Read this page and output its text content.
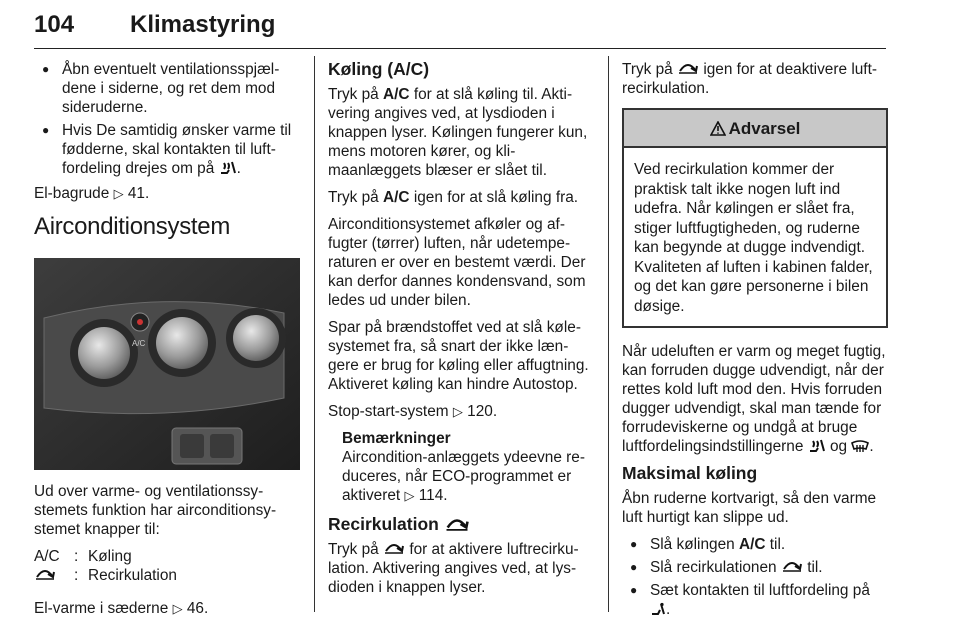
104 Klimastyring
● Åbn eventuelt ventilationsspjældene i siderne, og ret dem mod sideruderne.
● Hvis De samtidig ønsker varme til fødderne, skal kontakten til luftfordeling drejes om på .

El-bagrude ▷ 41.

Airconditionsystem
A/C

Ud over varme- og ventilationssystemets funktion har airconditionsystemet knapper til:

A/C : Køling
: Recirkulation

El-varme i sæderne ▷ 46.

Køling (A/C)

Tryk på A/C for at slå køling til. Aktivering angives ved, at lysdioden i knappen lyser. Kølingen fungerer kun, mens motoren kører, og klimaanlæggets blæser er slået til.

Tryk på A/C igen for at slå køling fra.

Airconditionsystemet afkøler og affugter (tørrer) luften, når udetemperaturen er over en bestemt værdi. Der kan derfor dannes kondensvand, som ledes ud under bilen.

Spar på brændstoffet ved at slå kølesystemet fra, så snart der ikke længere er brug for køling eller affugtning. Aktiveret køling kan hindre Autostop.

Stop-start-system ▷ 120.

Bemærkninger
Aircondition-anlæggets ydeevne reduceres, når ECO-programmet er aktiveret ▷ 114.
Recirkulation

Tryk på for at aktivere luftrecirkulation. Aktivering angives ved, at lysdioden i knappen lyser.

Tryk på igen for at deaktivere luftrecirkulation.

Advarsel
Ved recirkulation kommer der praktisk talt ikke nogen luft ind udefra. Når kølingen er slået fra, stiger luftfugtigheden, og ruderne kan begynde at dugge indvendigt. Kvaliteten af luften i kabinen falder, og det kan gøre personerne i bilen døsige.

Når udeluften er varm og meget fugtig, kan forruden dugge udvendigt, når der rettes kold luft mod den. Hvis forruden dugger udvendigt, skal man tænde for forrudeviskerne og undgå at bruge luftfordelingsindstillingerne og .

Maksimal køling

Åbn ruderne kortvarigt, så den varme luft hurtigt kan slippe ud.

● Slå kølingen A/C til.
● Slå recirkulationen til.
● Sæt kontakten til luftfordeling på .
